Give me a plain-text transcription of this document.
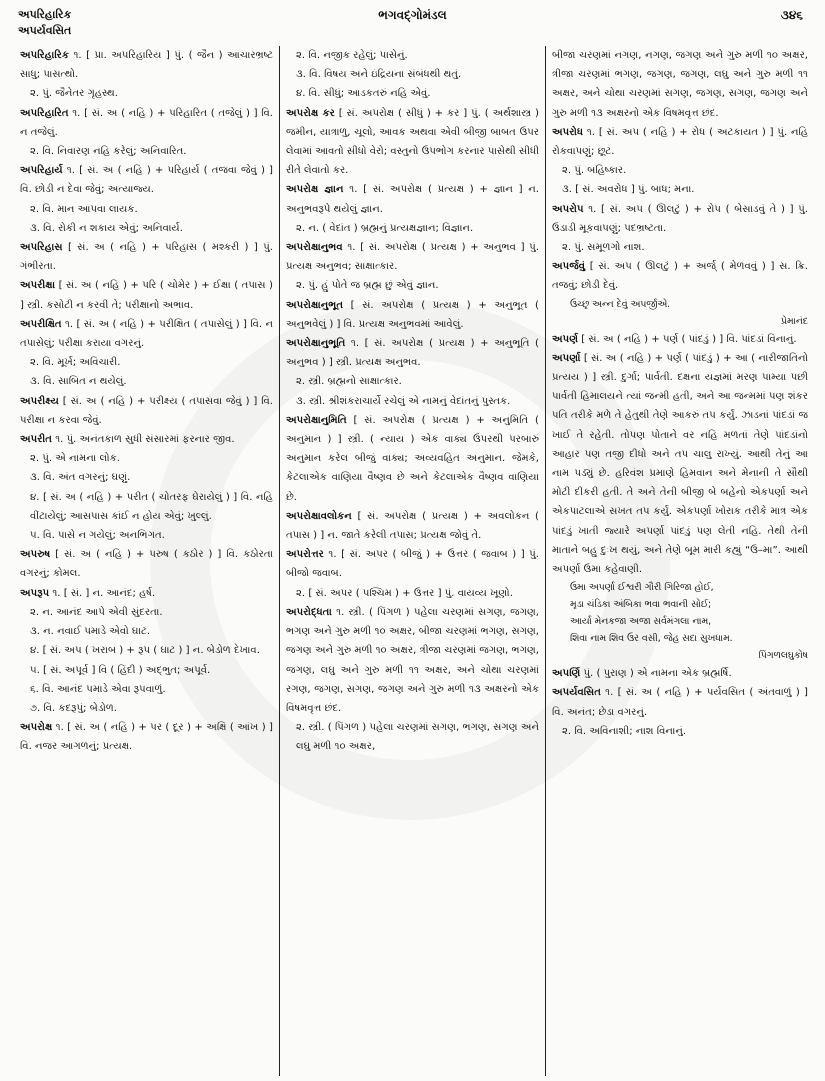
અપરિહારિક
અપર્યવસિત
ભગવદ્ગોમંડલ	૩૪૬

અપરિહારિક ૧. [ પ્રા. અપરિહારિય ] પું. ( જૈન ) આચારભ્રષ્ટ સાધુ; પાસત્થો.

૨. પું. જૈનેતર ગૃહસ્થ.

અપરિહારિત ૧. [ સં. અ ( નહિ ) + પરિહારિત ( તજેલું ) ] વિ. ન તજેલું.

૨. વિ. નિવારણ નહિ કરેલું; અનિવારિત.

અપરિહાર્ય ૧. [ સં. અ ( નહિ ) + પરિહાર્ય ( તજવા જેવું ) ] વિ. છોડી ન દેવા જેવું; અત્યાજ્ય.

૨. વિ. માન આપવા લાયક.

૩. વિ. રોકી ન શકાય એવું; અનિવાર્ય.

અપરિહાસ [ સં. અ ( નહિ ) + પરિહાસ ( મશ્કરી ) ] પું. ગંભીરતા.

અપરીક્ષા [ સં. અ ( નહિ ) + પરિ ( ચોમેર ) + ઈક્ષા ( તપાસ ) ] સ્ત્રી. કસોટી ન કરવી તે; પરીક્ષાનો અભાવ.

અપરીક્ષિત ૧. [ સં. અ ( નહિ ) + પરીક્ષિત ( તપાસેલું ) ] વિ. ન તપાસેલું; પરીક્ષા કરાયા વગરનું.

૨. વિ. મૂર્ખ; અવિચારી.

૩. વિ. સાબિત ન થયેલું.

અપરીક્ષ્ય [ સં. અ ( નહિ ) + પરીક્ષ્ય ( તપાસવા જેવું ) ] વિ. પરીક્ષા ન કરવા જેવું.

અપરીત ૧. પું. અનંતકાળ સુધી સંસારમાં ફરનાર જીવ.

૨. પું. એ નામના લોક.

૩. વિ. અંત વગરનું; ઘણું.

૪. [ સં. અ ( નહિ ) + પરીત ( ચોતરફ ઘેરાયેલું ) ] વિ. નહિ વીંટાયેલું; આસપાસ કાંઈ ન હોય એવું; ખુલ્લું.

૫. વિ. પાસે ન ગયેલું; અનભિગત.

અપરુષ [ સં. અ ( નહિ ) + પરુષ ( કઠોર ) ] વિ. કઠોરતા વગરનું; કોમલ.

અપરૂપ ૧. [ સં. ] ન. આનંદ; હર્ષ.

૨. ન. આનંદ આપે એવી સુંદરતા.

૩. ન. નવાઈ પમાડે એવો ઘાટ.

૪. [ સં. અપ ( ખરાબ ) + રૂપ ( ઘાટ ) ] ન. બેડોળ દેખાવ.

૫. [ સં. અપૂર્વ ] વિ ( હિંદી ) અદ્ભુત; અપૂર્વ.

૬. વિ. આનંદ પમાડે એવા રૂપવાળું.

૭. વિ. કદરૂપું; બેડોળ.

અપરોક્ષ ૧. [ સં. અ ( નહિ ) + પર ( દૂર ) + અક્ષિ ( આંખ ) ] વિ. નજર આગળનું; પ્રત્યક્ષ.

૨. વિ. નજીક રહેલું; પાસેનું.

૩. વિ. વિષય અને ઇંદ્રિયના સંબંધથી થતું.

૪. વિ. સીધું; આડકતરું નહિ એવું.

અપરોક્ષ કર [ સં. અપરોક્ષ ( સીધું ) + કર ] પું. ( અર્થશાસ્ત્ર ) જમીન, યાત્રાળુ, ચૂલો, આવક અથવા એવી બીજી બાબત ઉપર લેવામાં આવતો સીધો વેરો; વસ્તુનો ઉપભોગ કરનાર પાસેથી સીધી રીતે લેવાતો કર.

અપરોક્ષ જ્ઞાન ૧. [ સં. અપરોક્ષ ( પ્રત્યક્ષ ) + જ્ઞાન ] ન. અનુભવરૂપે થયેલું જ્ઞાન.

૨. ન. ( વેદાંત ) બ્રહ્મનું પ્રત્યક્ષજ્ઞાન; વિજ્ઞાન.

અપરોક્ષાનુભવ ૧. [ સં. અપરોક્ષ ( પ્રત્યક્ષ ) + અનુભવ ] પું. પ્રત્યક્ષ અનુભવ; સાક્ષાત્કાર.

૨. પું. હું પોતે જ બ્રહ્મ છું એવું જ્ઞાન.

અપરોક્ષાનુભૂત [ સં. અપરોક્ષ ( પ્રત્યક્ષ ) + અનુભૂત ( અનુભવેલું ) ] વિ. પ્રત્યક્ષ અનુભવમાં આવેલું.

અપરોક્ષાનુભૂતિ ૧. [ સં. અપરોક્ષ ( પ્રત્યક્ષ ) + અનુભૂતિ ( અનુભવ ) ] સ્ત્રી. પ્રત્યક્ષ અનુભવ.

૨. સ્ત્રી. બ્રહ્મનો સાક્ષાત્કાર.

૩. સ્ત્રી. શ્રીશંકરાચાર્યે રચેલું એ નામનું વેદાંતનું પુસ્તક.

અપરોક્ષાનુમિતિ [ સં. અપરોક્ષ ( પ્રત્યક્ષ ) + અનુમિતિ ( અનુમાન ) ] સ્ત્રી. ( ન્યાય ) એક વાક્ય ઉપરથી પરબારું અનુમાન કરેલ બીજું વાક્ય; અવ્યવહિત અનુમાન. જેમકે, કેટલાએક વાણિયા વૈષ્ણવ છે અને કેટલાએક વૈષ્ણવ વાણિયા છે.

અપરોક્ષાવલોકન [ સં. અપરોક્ષ ( પ્રત્યક્ષ ) + અવલોકન ( તપાસ ) ] ન. જાતે કરેલી તપાસ; પ્રત્યક્ષ જોવું તે.

અપરોત્તર ૧. [ સં. અપર ( બીજું ) + ઉત્તર ( જવાબ ) ] પું. બીજો જવાબ.

૨. [ સં. અપર ( પશ્ચિમ ) + ઉત્તર ] પું. વાયવ્ય ખૂણો.

અપરોદ્ધતા ૧. સ્ત્રી. ( પિંગળ ) પહેલા ચરણમાં સગણ, જગણ, ભગણ અને ગુરુ મળી ૧૦ અક્ષર, બીજા ચરણમાં ભગણ, સગણ, જગણ અને ગુરુ મળી ૧૦ અક્ષર, ત્રીજા ચરણમાં જગણ, ભગણ, જગણ, લઘુ અને ગુરુ મળી ૧૧ અક્ષર, અને ચોથા ચરણમાં રગણ, જગણ, સગણ, જગણ અને ગુરુ મળી ૧૩ અક્ષરનો એક વિષમવૃત્ત છંદ.

૨. સ્ત્રી. ( પિંગળ ) પહેલા ચરણમાં સગણ, ભગણ, સગણ અને લઘુ મળી ૧૦ અક્ષર,

બીજા ચરણમાં નગણ, નગણ, જગણ અને ગુરુ મળી ૧૦ અક્ષર, ત્રીજા ચરણમાં ભગણ, જગણ, જગણ, લઘુ અને ગુરુ મળી ૧૧ અક્ષર, અને ચોથા ચરણમાં સગણ, જગણ, સગણ, જગણ અને ગુરુ મળી ૧૩ અક્ષરનો એક વિષમવૃત્ત છંદ.

અપરોધ ૧. [ સં. અપ ( નહિ ) + રોધ ( અટકાયત ) ] પું. નહિ રોકવાપણું; છૂટ.

૨. પું. બહિષ્કાર.

૩. [ સં. અવરોધ ] પું. બાધ; મના.

અપરોપ ૧. [ સં. અપ ( ઊલટું ) + રોપ ( બેસાડવું તે ) ] પું. ઉડાડી મૂકવાપણું; પદભ્રષ્ટતા.

૨. પું. સમૂળગો નાશ.

અપર્જવું [ સં. અપ ( ઊલટું ) + અર્જ્ ( મેળવવું ) ] સ. ક્રિ. તજવું; છોડી દેવું.

ઉચ્છૃ અન્ન દેવું અપર્જીએ.

પ્રેમાનંદ

અપર્ણ [ સં. અ ( નહિ ) + પર્ણ ( પાંદડું ) ] વિ. પાંદડાં વિનાનું.

અપર્ણા [ સં. અ ( નહિ ) + પર્ણ ( પાંદડું ) + આ ( નારીજાતિનો પ્રત્યય ) ] સ્ત્રી. દુર્ગા; પાર્વતી. દક્ષના યજ્ઞમાં મરણ પામ્યા પછી પાર્વતી હિમાલયને ત્યાં જન્મી હતી, અને આ જન્મમાં પણ શંકર પતિ તરીકે મળે તે હેતુથી તેણે આકરું તપ કર્યું. ઝાડનાં પાંદડાં જ ખાઈ તે રહેતી. તોપણ પોતાને વર નહિ મળતાં તેણે પાંદડાંનો આહાર પણ તજી દીધો અને તપ ચાલુ રાખ્યું. આથી તેનું આ નામ પડ્યું છે. હરિવંશ પ્રમાણે હિમવાન અને મેનાની તે સૌથી મોટી દીકરી હતી. તે અને તેની બીજી બે બહેનો એકપર્ણા અને એકપાટલાએ સખત તપ કર્યું. એકપર્ણા ખોરાક તરીકે માત્ર એક પાંદડું ખાતી જ્યારે અપર્ણા પાંદડું પણ લેતી નહિ. તેથી તેની માતાને બહુ દુઃખ થયું, અને તેણે બૂમ મારી કહ્યું “ઉ–મા”. આથી અપર્ણા ઉમા કહેવાણી.

ઉમા અપર્ણા ઈશ્વરી ગૌરી ગિરિજા હોઈ,

મૃડા ચંડિકા અંબિકા ભવા ભવાની સોઈ;

આર્યા મેનકજા અજા સર્વમંગલા નામ,

શિવા નામ શિવ ઉર વસી, જેહ સદા સુખધામ.

પિંગળલઘુકોષ

અપર્ણિ પું. ( પુરાણ ) એ નામના એક બ્રહ્મર્ષિ.

અપર્યવસિત ૧. [ સં. અ ( નહિ ) + પર્યવસિત ( અંતવાળું ) ] વિ. અનંત; છેડા વગરનું.

૨. વિ. અવિનાશી; નાશ વિનાનું.
